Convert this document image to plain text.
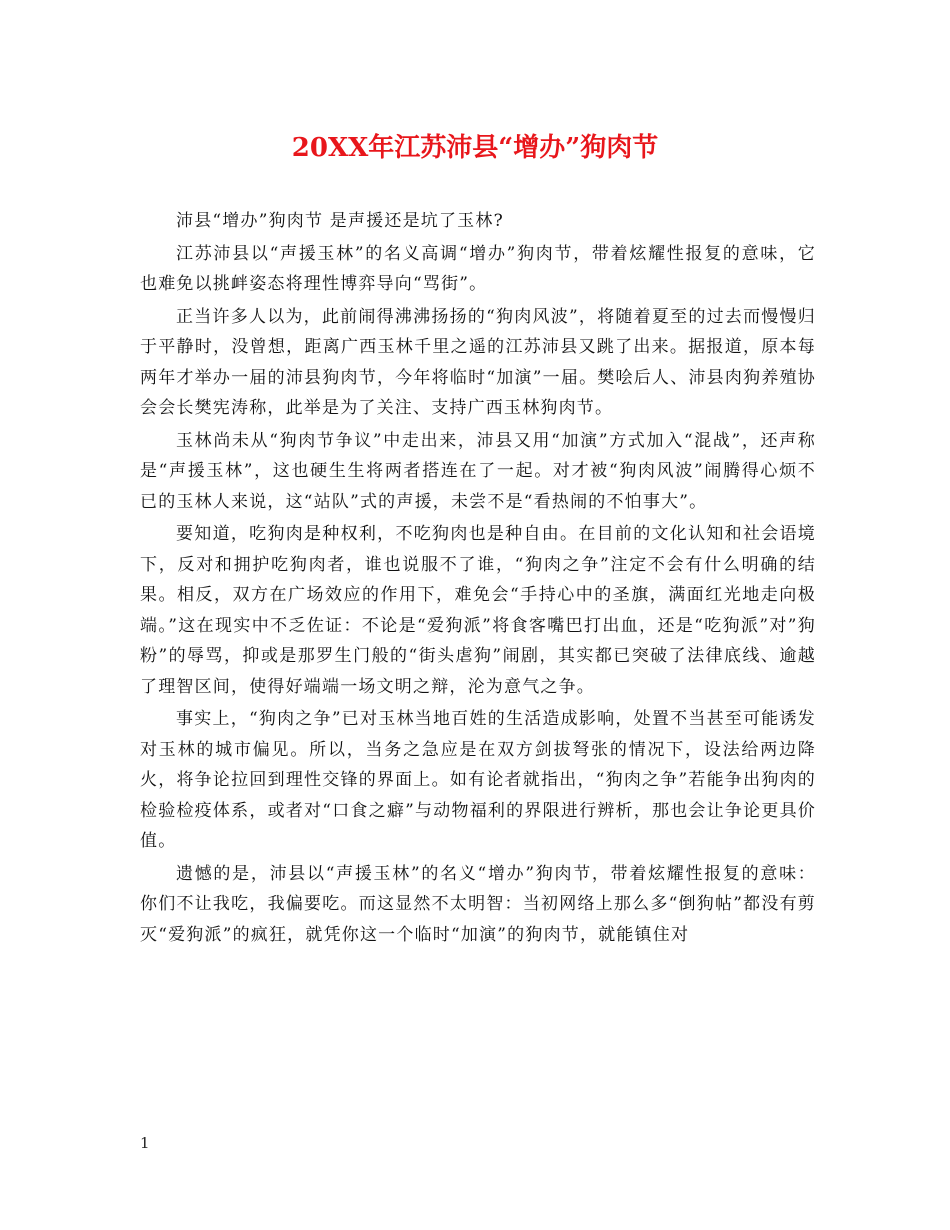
20XX年江苏沛县“增办”狗肉节

沛县“增办”狗肉节 是声援还是坑了玉林?

江苏沛县以“声援玉林”的名义高调“增办”狗肉节，带着炫耀性报复的意味，它也难免以挑衅姿态将理性博弈导向“骂街”。

正当许多人以为，此前闹得沸沸扬扬的“狗肉风波”，将随着夏至的过去而慢慢归于平静时，没曾想，距离广西玉林千里之遥的江苏沛县又跳了出来。据报道，原本每两年才举办一届的沛县狗肉节，今年将临时“加演”一届。樊哙后人、沛县肉狗养殖协会会长樊宪涛称，此举是为了关注、支持广西玉林狗肉节。

玉林尚未从“狗肉节争议”中走出来，沛县又用“加演”方式加入“混战”，还声称是“声援玉林”，这也硬生生将两者搭连在了一起。对才被“狗肉风波”闹腾得心烦不已的玉林人来说，这“站队”式的声援，未尝不是“看热闹的不怕事大”。

要知道，吃狗肉是种权利，不吃狗肉也是种自由。在目前的文化认知和社会语境下，反对和拥护吃狗肉者，谁也说服不了谁，“狗肉之争”注定不会有什么明确的结果。相反，双方在广场效应的作用下，难免会“手持心中的圣旗，满面红光地走向极端。”这在现实中不乏佐证：不论是“爱狗派”将食客嘴巴打出血，还是“吃狗派”对”狗粉”的辱骂，抑或是那罗生门般的“街头虐狗”闹剧，其实都已突破了法律底线、逾越了理智区间，使得好端端一场文明之辩，沦为意气之争。

事实上，“狗肉之争”已对玉林当地百姓的生活造成影响，处置不当甚至可能诱发对玉林的城市偏见。所以，当务之急应是在双方剑拔弩张的情况下，设法给两边降火，将争论拉回到理性交锋的界面上。如有论者就指出，“狗肉之争”若能争出狗肉的检验检疫体系，或者对“口食之癖”与动物福利的界限进行辨析，那也会让争论更具价值。

遗憾的是，沛县以“声援玉林”的名义“增办”狗肉节，带着炫耀性报复的意味：你们不让我吃，我偏要吃。而这显然不太明智：当初网络上那么多“倒狗帖”都没有剪灭“爱狗派”的疯狂，就凭你这一个临时“加演”的狗肉节，就能镇住对

1
